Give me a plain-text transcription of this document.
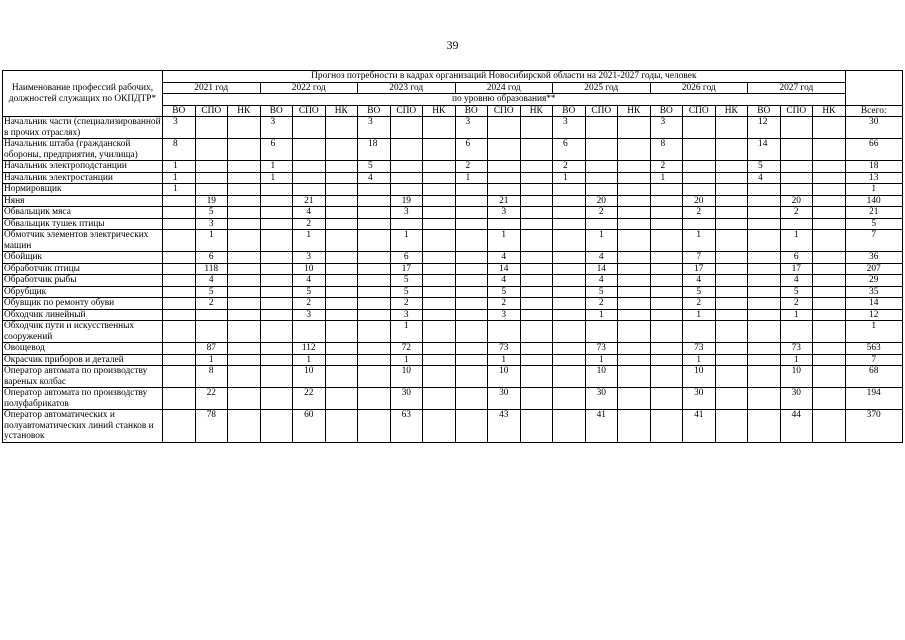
39
Наименование профессий рабочих, должностей служащих по ОКПДТР*	Прогноз потребности в кадрах организаций Новосибирской области на 2021-2027 годы, человек																					
	2021 год			2022 год			2023 год			2024 год			2025 год			2026 год			2027 год			
	по уровню образования**																					
	ВО	СПО	НК	ВО	СПО	НК	ВО	СПО	НК	ВО	СПО	НК	ВО	СПО	НК	ВО	СПО	НК	ВО	СПО	НК	Всего:
Начальник части (специализированной в прочих отраслях)	3			3			3			3			3			3			12			30
Начальник штаба (гражданской обороны, предприятия, училища)	8			6			18			6			6			8			14			66
Начальник электроподстанции	1			1			5			2			2			2			5			18
Начальник электростанции	1			1			4			1			1			1			4			13
Нормировщик	1																					1
Няня		19			21			19			21			20			20			20		140
Обвальщик мяса		5			4			3			3			2			2			2		21
Обвальщик тушек птицы		3			2																	5
Обмотчик элементов электрических машин		1			1			1			1			1			1			1		7
Обойщик		6			3			6			4			4			7			6		36
Обработчик птицы		118			10			17			14			14			17			17		207
Обработчик рыбы		4			4			5			4			4			4			4		29
Обрубщик		5			5			5			5			5			5			5		35
Обувщик по ремонту обуви		2			2			2			2			2			2			2		14
Обходчик линейный					3			3			3			1			1			1		12
Обходчик пути и искусственных сооружений								1														1
Овощевод		87			112			72			73			73			73			73		563
Окрасчик приборов и деталей		1			1			1			1			1			1			1		7
Оператор автомата по производству вареных колбас		8			10			10			10			10			10			10		68
Оператор автомата по производству полуфабрикатов		22			22			30			30			30			30			30		194
Оператор автоматических и полуавтоматических линий станков и установок		78			60			63			43			41			41			44		370
